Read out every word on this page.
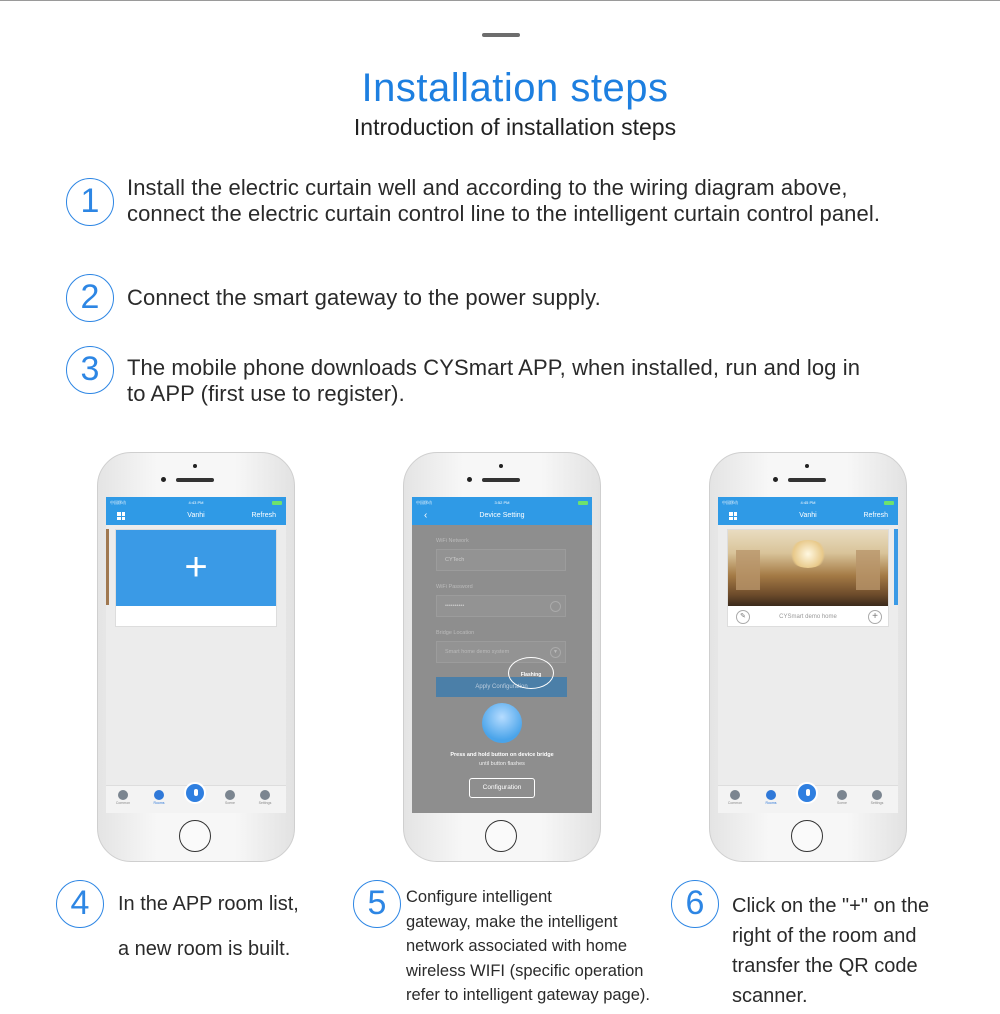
Installation steps
Introduction of installation steps
1	Install the electric curtain well and according to the wiring diagram above,
connect the electric curtain control line to the intelligent curtain control panel.
2	Connect the smart gateway to the power supply.
3	The mobile phone downloads CYSmart APP, when installed, run and log in
to APP (first use to register).
中国移动	4:43 PM
Vanhi	Refresh
+
Common	Rooms	Scene	Settings
中国移动	3:52 PM
‹	Device Setting
WiFi Network
CYTech
WiFi Password
••••••••••
Bridge Location
Smart home demo system	▼
Apply Configuration
Flashing
Press and hold button on device bridge
until button flashes
Configuration
中国移动	4:45 PM
Vanhi	Refresh
✎	CYSmart demo home	+
Common	Rooms	Scene	Settings
4	In the APP room list,
a new room is built.
5	Configure intelligent
gateway, make the intelligent
network associated with home
wireless WIFI (specific operation
refer to intelligent gateway page).
6	Click on the "+" on the
right of the room and
transfer the QR code
scanner.
